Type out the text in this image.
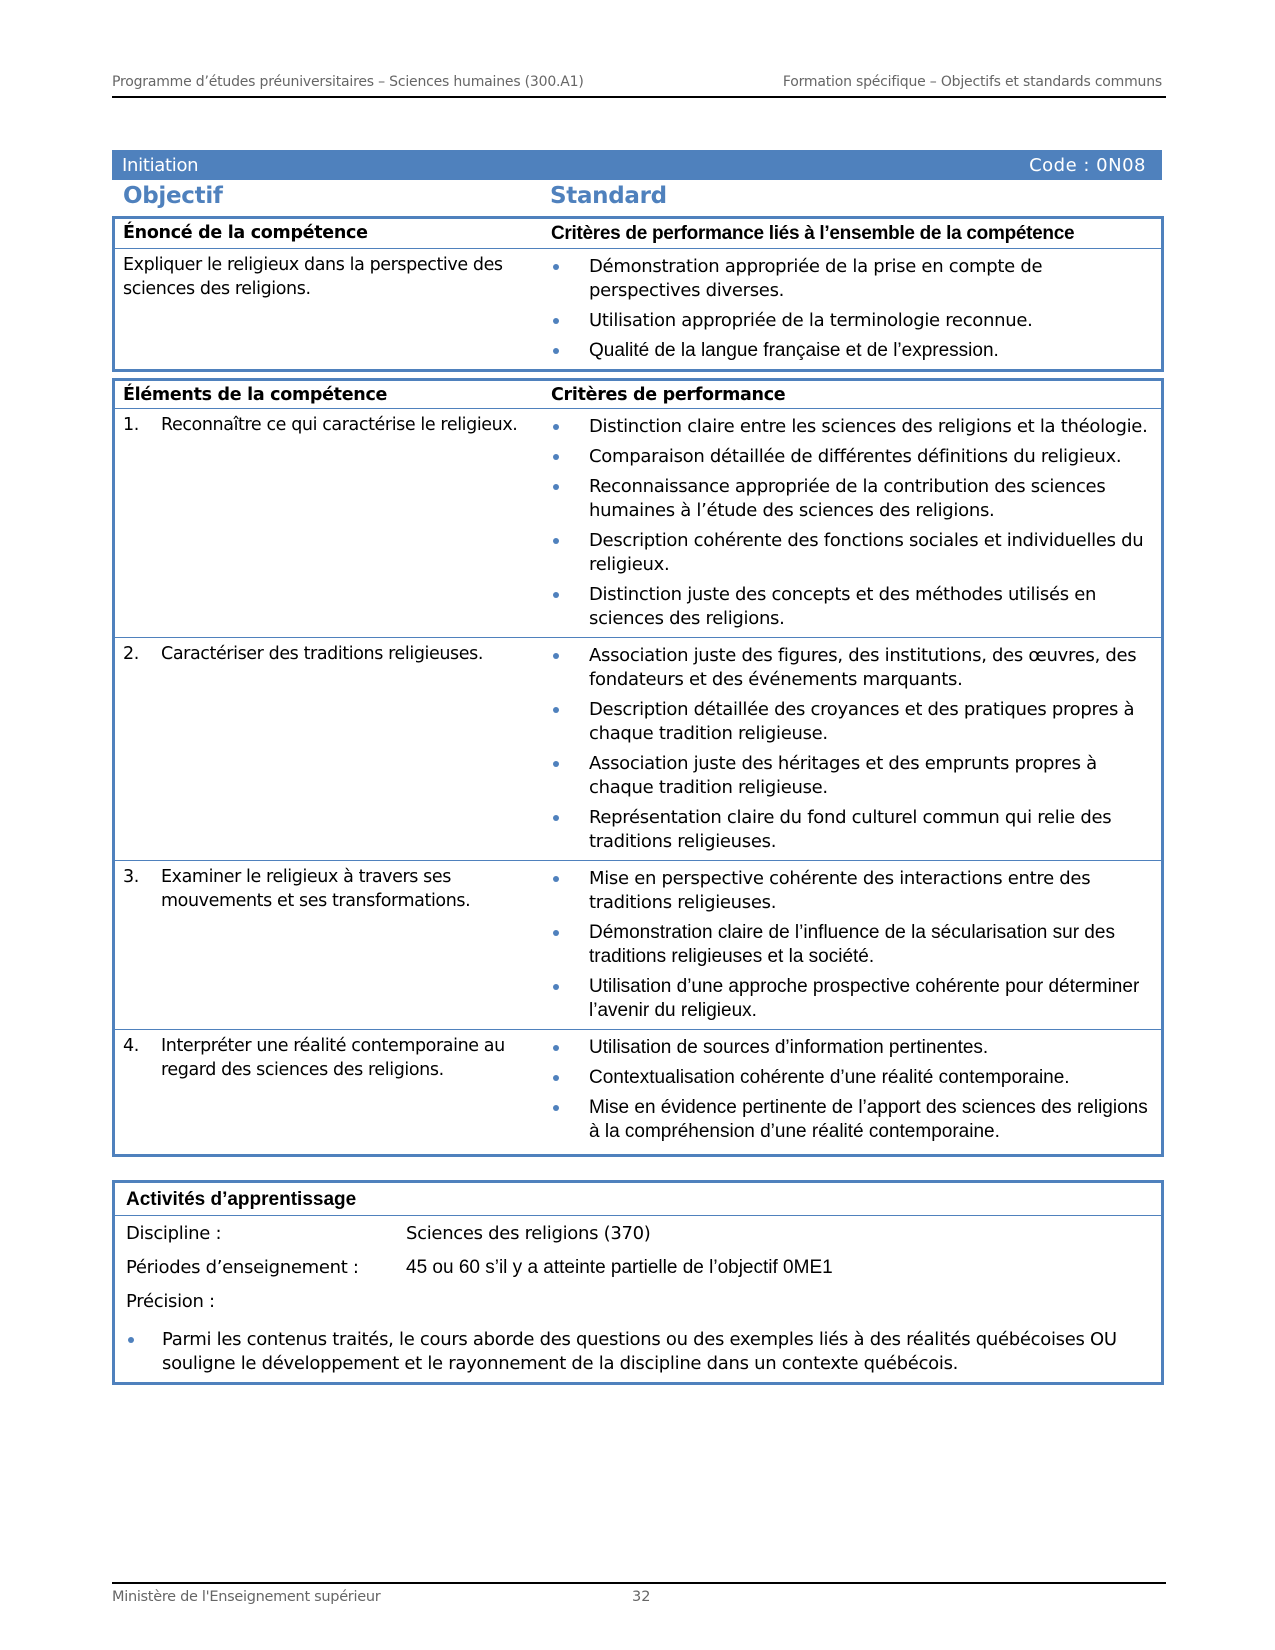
Programme d’études préuniversitaires – Sciences humaines (300.A1)	Formation spécifique – Objectifs et standards communs
Initiation	Code : 0N08
Objectif	Standard
Énoncé de la compétence	Critères de performance liés à l’ensemble de la compétence
Expliquer le religieux dans la perspective des sciences des religions.
Démonstration appropriée de la prise en compte de perspectives diverses.
Utilisation appropriée de la terminologie reconnue.
Qualité de la langue française et de l’expression.
Éléments de la compétence	Critères de performance
1.	Reconnaître ce qui caractérise le religieux.	Distinction claire entre les sciences des religions et la théologie.
Comparaison détaillée de différentes définitions du religieux.
Reconnaissance appropriée de la contribution des sciences humaines à l’étude des sciences des religions.
Description cohérente des fonctions sociales et individuelles du religieux.
Distinction juste des concepts et des méthodes utilisés en sciences des religions.
2.	Caractériser des traditions religieuses.	Association juste des figures, des institutions, des œuvres, des fondateurs et des événements marquants.
Description détaillée des croyances et des pratiques propres à chaque tradition religieuse.
Association juste des héritages et des emprunts propres à chaque tradition religieuse.
Représentation claire du fond culturel commun qui relie des traditions religieuses.
3.	Examiner le religieux à travers ses mouvements et ses transformations.
Mise en perspective cohérente des interactions entre des traditions religieuses.
Démonstration claire de l’influence de la sécularisation sur des traditions religieuses et la société.
Utilisation d’une approche prospective cohérente pour déterminer l’avenir du religieux.
4.	Interpréter une réalité contemporaine au regard des sciences des religions.
Utilisation de sources d’information pertinentes.
Contextualisation cohérente d’une réalité contemporaine.
Mise en évidence pertinente de l’apport des sciences des religions à la compréhension d’une réalité contemporaine.
Activités d’apprentissage
Discipline :	Sciences des religions (370)
Périodes d’enseignement :	45 ou 60 s’il y a atteinte partielle de l’objectif 0ME1
Précision :
Parmi les contenus traités, le cours aborde des questions ou des exemples liés à des réalités québécoises OU souligne le développement et le rayonnement de la discipline dans un contexte québécois.
Ministère de l'Enseignement supérieur	32
